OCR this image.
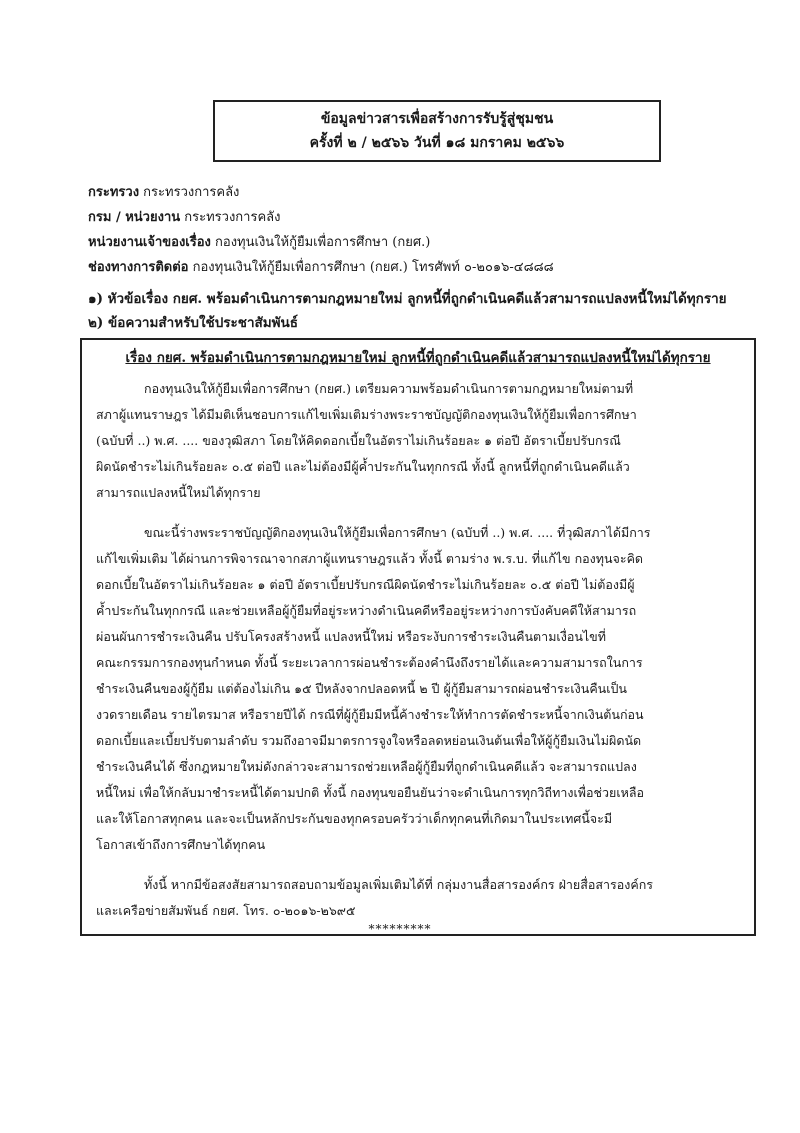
ข้อมูลข่าวสารเพื่อสร้างการรับรู้สู่ชุมชน
ครั้งที่ ๒ / ๒๕๖๖ วันที่ ๑๘ มกราคม ๒๕๖๖
กระทรวง กระทรวงการคลัง
กรม / หน่วยงาน กระทรวงการคลัง
หน่วยงานเจ้าของเรื่อง กองทุนเงินให้กู้ยืมเพื่อการศึกษา (กยศ.)
ช่องทางการติดต่อ กองทุนเงินให้กู้ยืมเพื่อการศึกษา (กยศ.) โทรศัพท์ ๐-๒๐๑๖-๔๘๘๘
๑) หัวข้อเรื่อง กยศ. พร้อมดำเนินการตามกฎหมายใหม่ ลูกหนี้ที่ถูกดำเนินคดีแล้วสามารถแปลงหนี้ใหม่ได้ทุกราย
๒) ข้อความสำหรับใช้ประชาสัมพันธ์
เรื่อง กยศ. พร้อมดำเนินการตามกฎหมายใหม่ ลูกหนี้ที่ถูกดำเนินคดีแล้วสามารถแปลงหนี้ใหม่ได้ทุกราย
กองทุนเงินให้กู้ยืมเพื่อการศึกษา (กยศ.) เตรียมความพร้อมดำเนินการตามกฎหมายใหม่ตามที่
สภาผู้แทนราษฎร ได้มีมติเห็นชอบการแก้ไขเพิ่มเติมร่างพระราชบัญญัติกองทุนเงินให้กู้ยืมเพื่อการศึกษา
(ฉบับที่ ..) พ.ศ. .... ของวุฒิสภา โดยให้คิดดอกเบี้ยในอัตราไม่เกินร้อยละ ๑ ต่อปี อัตราเบี้ยปรับกรณี
ผิดนัดชำระไม่เกินร้อยละ ๐.๕ ต่อปี และไม่ต้องมีผู้ค้ำประกันในทุกกรณี ทั้งนี้ ลูกหนี้ที่ถูกดำเนินคดีแล้ว
สามารถแปลงหนี้ใหม่ได้ทุกราย
ขณะนี้ร่างพระราชบัญญัติกองทุนเงินให้กู้ยืมเพื่อการศึกษา (ฉบับที่ ..) พ.ศ. .... ที่วุฒิสภาได้มีการ
แก้ไขเพิ่มเติม ได้ผ่านการพิจารณาจากสภาผู้แทนราษฎรแล้ว ทั้งนี้ ตามร่าง พ.ร.บ. ที่แก้ไข กองทุนจะคิด
ดอกเบี้ยในอัตราไม่เกินร้อยละ ๑ ต่อปี อัตราเบี้ยปรับกรณีผิดนัดชำระไม่เกินร้อยละ ๐.๕ ต่อปี ไม่ต้องมีผู้
ค้ำประกันในทุกกรณี และช่วยเหลือผู้กู้ยืมที่อยู่ระหว่างดำเนินคดีหรืออยู่ระหว่างการบังคับคดีให้สามารถ
ผ่อนผันการชำระเงินคืน ปรับโครงสร้างหนี้ แปลงหนี้ใหม่ หรือระงับการชำระเงินคืนตามเงื่อนไขที่
คณะกรรมการกองทุนกำหนด ทั้งนี้ ระยะเวลาการผ่อนชำระต้องคำนึงถึงรายได้และความสามารถในการ
ชำระเงินคืนของผู้กู้ยืม แต่ต้องไม่เกิน ๑๕ ปีหลังจากปลอดหนี้ ๒ ปี ผู้กู้ยืมสามารถผ่อนชำระเงินคืนเป็น
งวดรายเดือน รายไตรมาส หรือรายปีได้ กรณีที่ผู้กู้ยืมมีหนี้ค้างชำระให้ทำการตัดชำระหนี้จากเงินต้นก่อน
ดอกเบี้ยและเบี้ยปรับตามลำดับ รวมถึงอาจมีมาตรการจูงใจหรือลดหย่อนเงินต้นเพื่อให้ผู้กู้ยืมเงินไม่ผิดนัด
ชำระเงินคืนได้ ซึ่งกฎหมายใหม่ดังกล่าวจะสามารถช่วยเหลือผู้กู้ยืมที่ถูกดำเนินคดีแล้ว จะสามารถแปลง
หนี้ใหม่ เพื่อให้กลับมาชำระหนี้ได้ตามปกติ ทั้งนี้ กองทุนขอยืนยันว่าจะดำเนินการทุกวิถีทางเพื่อช่วยเหลือ
และให้โอกาสทุกคน และจะเป็นหลักประกันของทุกครอบครัวว่าเด็กทุกคนที่เกิดมาในประเทศนี้จะมี
โอกาสเข้าถึงการศึกษาได้ทุกคน
ทั้งนี้ หากมีข้อสงสัยสามารถสอบถามข้อมูลเพิ่มเติมได้ที่ กลุ่มงานสื่อสารองค์กร ฝ่ายสื่อสารองค์กร
และเครือข่ายสัมพันธ์ กยศ. โทร. ๐-๒๐๑๖-๒๖๙๕
*********
